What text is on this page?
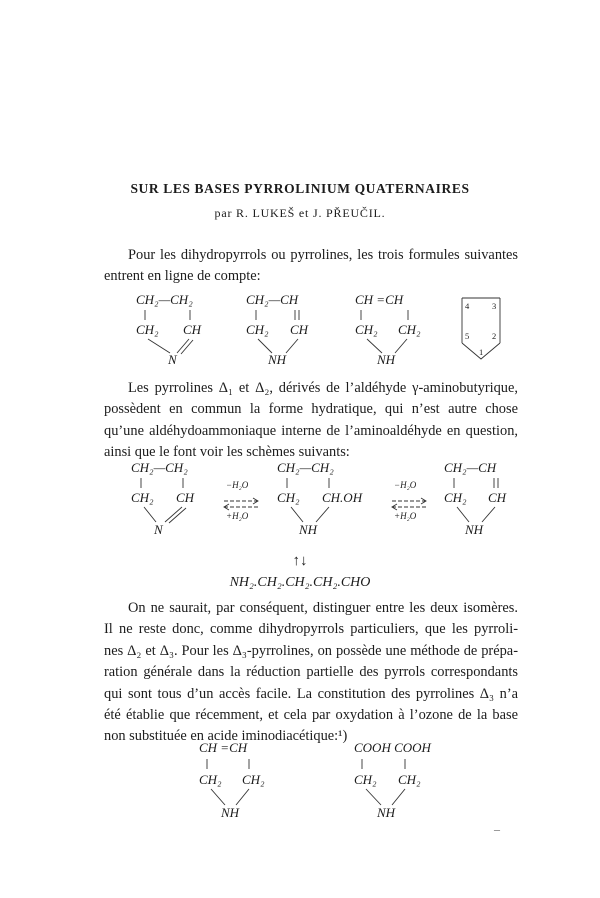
SUR LES BASES PYRROLINIUM QUATERNAIRES
par R. LUKEŠ et J. PŘEUČIL.
Pour les dihydropyrrols ou pyrrolines, les trois formules suivantes
entrent en ligne de compte:
CH₂—CH₂
CH₂ CH
N
CH₂—CH
CH₂ CH
NH
CH =CH
CH₂ CH₂
NH
4	3
5	2
1
Les pyrrolines Δ₁ et Δ₂, dérivés de l’aldéhyde γ-aminobutyrique,
possèdent en commun la forme hydratique, qui n’est autre chose
qu’une aldéhydoammoniaque interne de l’aminoaldéhyde en question,
ainsi que le font voir les schèmes suivants:
CH₂—CH₂
CH₂ CH
N
−H₂O
+H₂O
CH₂—CH₂
CH₂ CH.OH
NH
−H₂O
+H₂O
CH₂—CH
CH₂ CH
NH
↑↓
NH₂.CH₂.CH₂.CH₂.CHO
On ne saurait, par conséquent, distinguer entre les deux isomères.
Il ne reste donc, comme dihydropyrrols particuliers, que les pyrroli-
nes Δ₂ et Δ₃. Pour les Δ₃-pyrrolines, on possède une méthode de prépa-
ration générale dans la réduction partielle des pyrrols correspondants
qui sont tous d’un accès facile. La constitution des pyrrolines Δ₃ n’a
été établie que récemment, et cela par oxydation à l’ozone de la base
non substituée en acide iminodiacétique:¹)
CH =CH
CH₂ CH₂
NH
COOH COOH
CH₂ CH₂
NH
–
